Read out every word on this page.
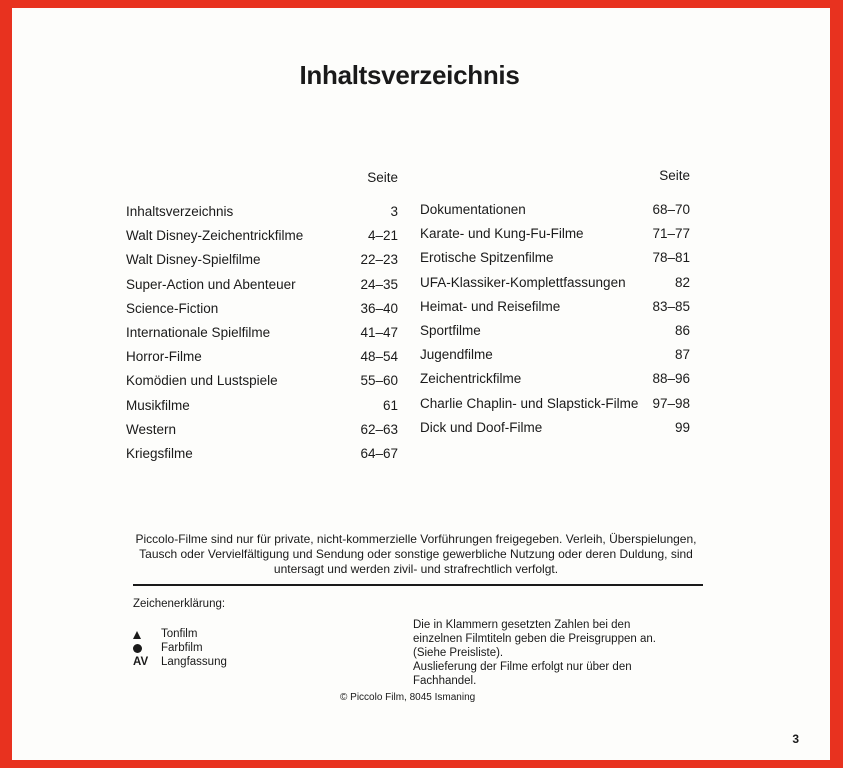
Inhaltsverzeichnis
Seite
Inhaltsverzeichnis	3
Walt Disney-Zeichentrickfilme	4–21
Walt Disney-Spielfilme	22–23
Super-Action und Abenteuer	24–35
Science-Fiction	36–40
Internationale Spielfilme	41–47
Horror-Filme	48–54
Komödien und Lustspiele	55–60
Musikfilme	61
Western	62–63
Kriegsfilme	64–67
Seite
Dokumentationen	68–70
Karate- und Kung-Fu-Filme	71–77
Erotische Spitzenfilme	78–81
UFA-Klassiker-Komplettfassungen	82
Heimat- und Reisefilme	83–85
Sportfilme	86
Jugendfilme	87
Zeichentrickfilme	88–96
Charlie Chaplin- und Slapstick-Filme 97–98
Dick und Doof-Filme	99
Piccolo-Filme sind nur für private, nicht-kommerzielle Vorführungen freigegeben. Verleih, Überspielungen,
Tausch oder Vervielfältigung und Sendung oder sonstige gewerbliche Nutzung oder deren Duldung, sind
untersagt und werden zivil- und strafrechtlich verfolgt.
Zeichenerklärung:
Tonfilm
Farbfilm
AV	Langfassung

Die in Klammern gesetzten Zahlen bei den

einzelnen Filmtiteln geben die Preisgruppen an.

(Siehe Preisliste).

Auslieferung der Filme erfolgt nur über den

Fachhandel.

© Piccolo Film, 8045 Ismaning
3
